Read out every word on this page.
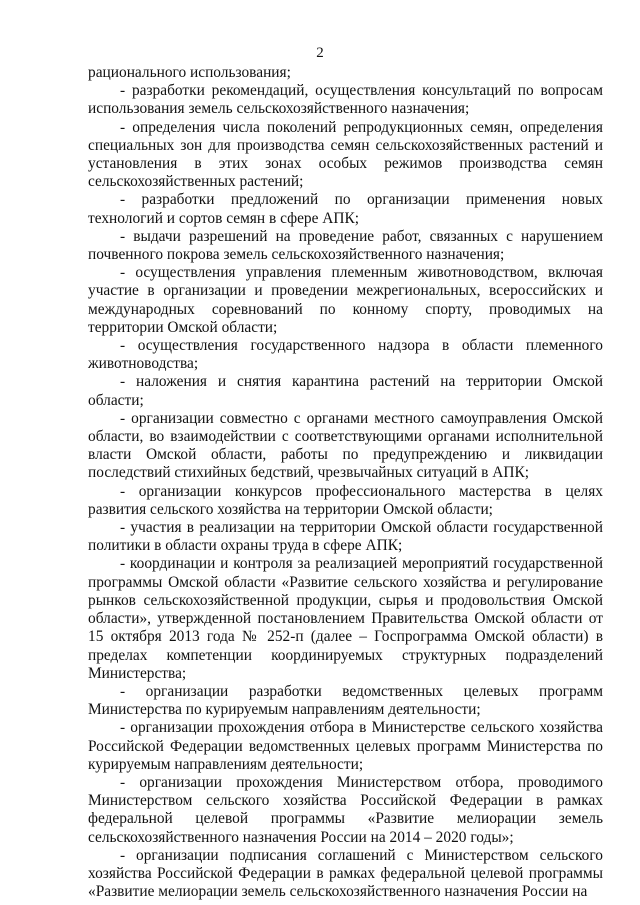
2

рационального использования;

- разработки рекомендаций, осуществления консультаций по вопросам использования земель сельскохозяйственного назначения;

- определения числа поколений репродукционных семян, определения специальных зон для производства семян сельскохозяйственных растений и установления в этих зонах особых режимов производства семян сельскохозяйственных растений;

- разработки предложений по организации применения новых технологий и сортов семян в сфере АПК;

- выдачи разрешений на проведение работ, связанных с нарушением почвенного покрова земель сельскохозяйственного назначения;

- осуществления управления племенным животноводством, включая участие в организации и проведении межрегиональных, всероссийских и международных соревнований по конному спорту, проводимых на территории Омской области;

- осуществления государственного надзора в области племенного животноводства;

- наложения и снятия карантина растений на территории Омской области;

- организации совместно с органами местного самоуправления Омской области, во взаимодействии с соответствующими органами исполнительной власти Омской области, работы по предупреждению и ликвидации последствий стихийных бедствий, чрезвычайных ситуаций в АПК;

- организации конкурсов профессионального мастерства в целях развития сельского хозяйства на территории Омской области;

- участия в реализации на территории Омской области государственной политики в области охраны труда в сфере АПК;

- координации и контроля за реализацией мероприятий государственной программы Омской области «Развитие сельского хозяйства и регулирование рынков сельскохозяйственной продукции, сырья и продовольствия Омской области», утвержденной постановлением Правительства Омской области от 15 октября 2013 года № 252-п (далее – Госпрограмма Омской области) в пределах компетенции координируемых структурных подразделений Министерства;

- организации разработки ведомственных целевых программ Министерства по курируемым направлениям деятельности;

- организации прохождения отбора в Министерстве сельского хозяйства Российской Федерации ведомственных целевых программ Министерства по курируемым направлениям деятельности;

- организации прохождения Министерством отбора, проводимого Министерством сельского хозяйства Российской Федерации в рамках федеральной целевой программы «Развитие мелиорации земель сельскохозяйственного назначения России на 2014 – 2020 годы»;

- организации подписания соглашений с Министерством сельского хозяйства Российской Федерации в рамках федеральной целевой программы «Развитие мелиорации земель сельскохозяйственного назначения России на
